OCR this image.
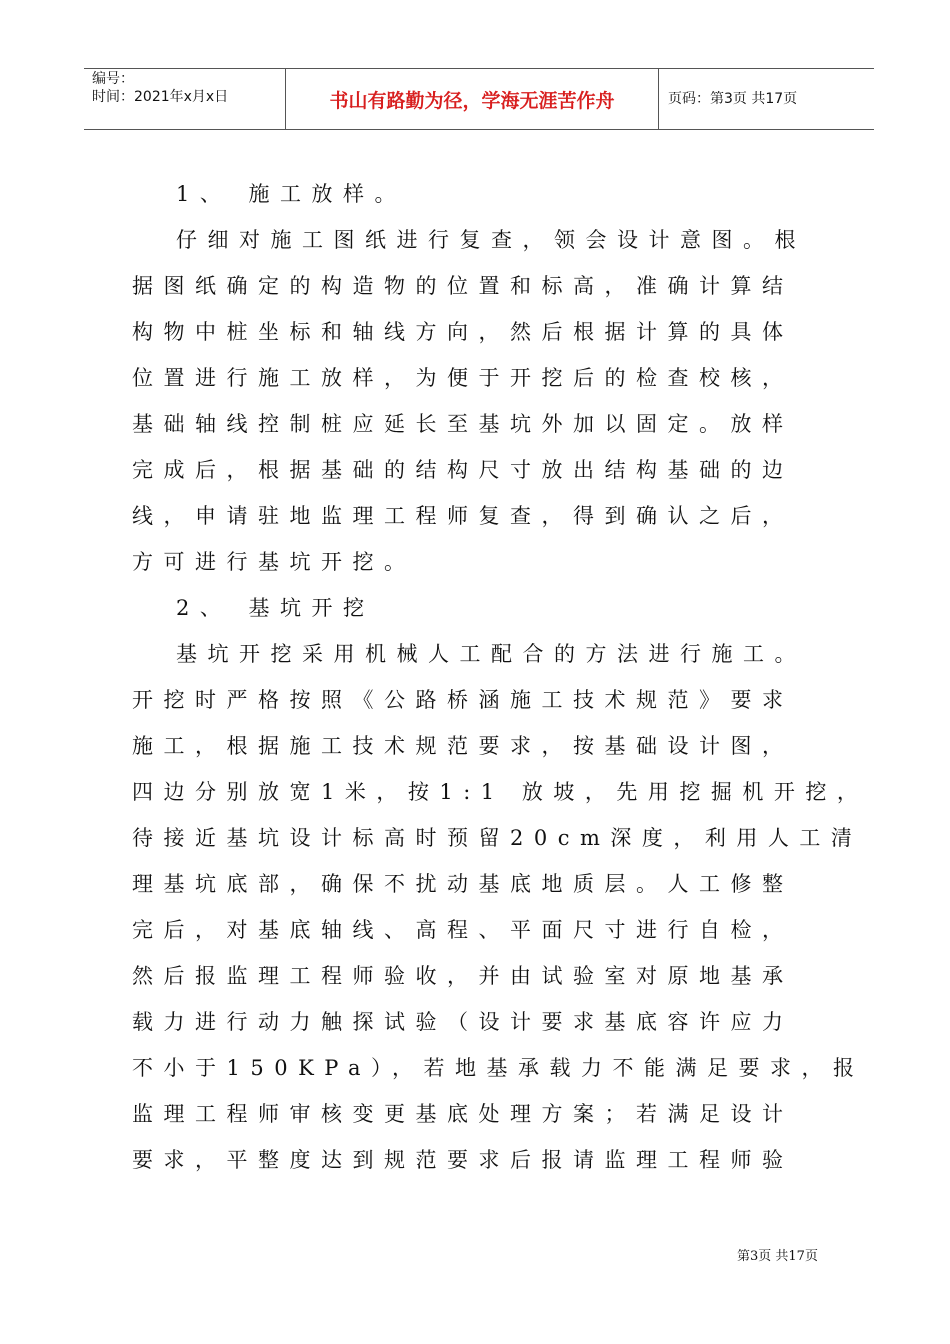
编号：
时间：2021年x月x日	书山有路勤为径，学海无涯苦作舟	页码：第3页 共17页
1、 施工放样。
仔细对施工图纸进行复查，领会设计意图。根
据图纸确定的构造物的位置和标高，准确计算结
构物中桩坐标和轴线方向，然后根据计算的具体
位置进行施工放样，为便于开挖后的检查校核，
基础轴线控制桩应延长至基坑外加以固定。放样
完成后，根据基础的结构尺寸放出结构基础的边
线，申请驻地监理工程师复查，得到确认之后，
方可进行基坑开挖。
2、 基坑开挖
基坑开挖采用机械人工配合的方法进行施工。
开挖时严格按照《公路桥涵施工技术规范》要求
施工，根据施工技术规范要求，按基础设计图，
四边分别放宽1米，按1:1 放坡，先用挖掘机开挖，
待接近基坑设计标高时预留20cm深度，利用人工清
理基坑底部，确保不扰动基底地质层。人工修整
完后，对基底轴线、高程、平面尺寸进行自检，
然后报监理工程师验收，并由试验室对原地基承
载力进行动力触探试验（设计要求基底容许应力
不小于150KPa），若地基承载力不能满足要求，报
监理工程师审核变更基底处理方案；若满足设计
要求，平整度达到规范要求后报请监理工程师验
第3页 共17页
